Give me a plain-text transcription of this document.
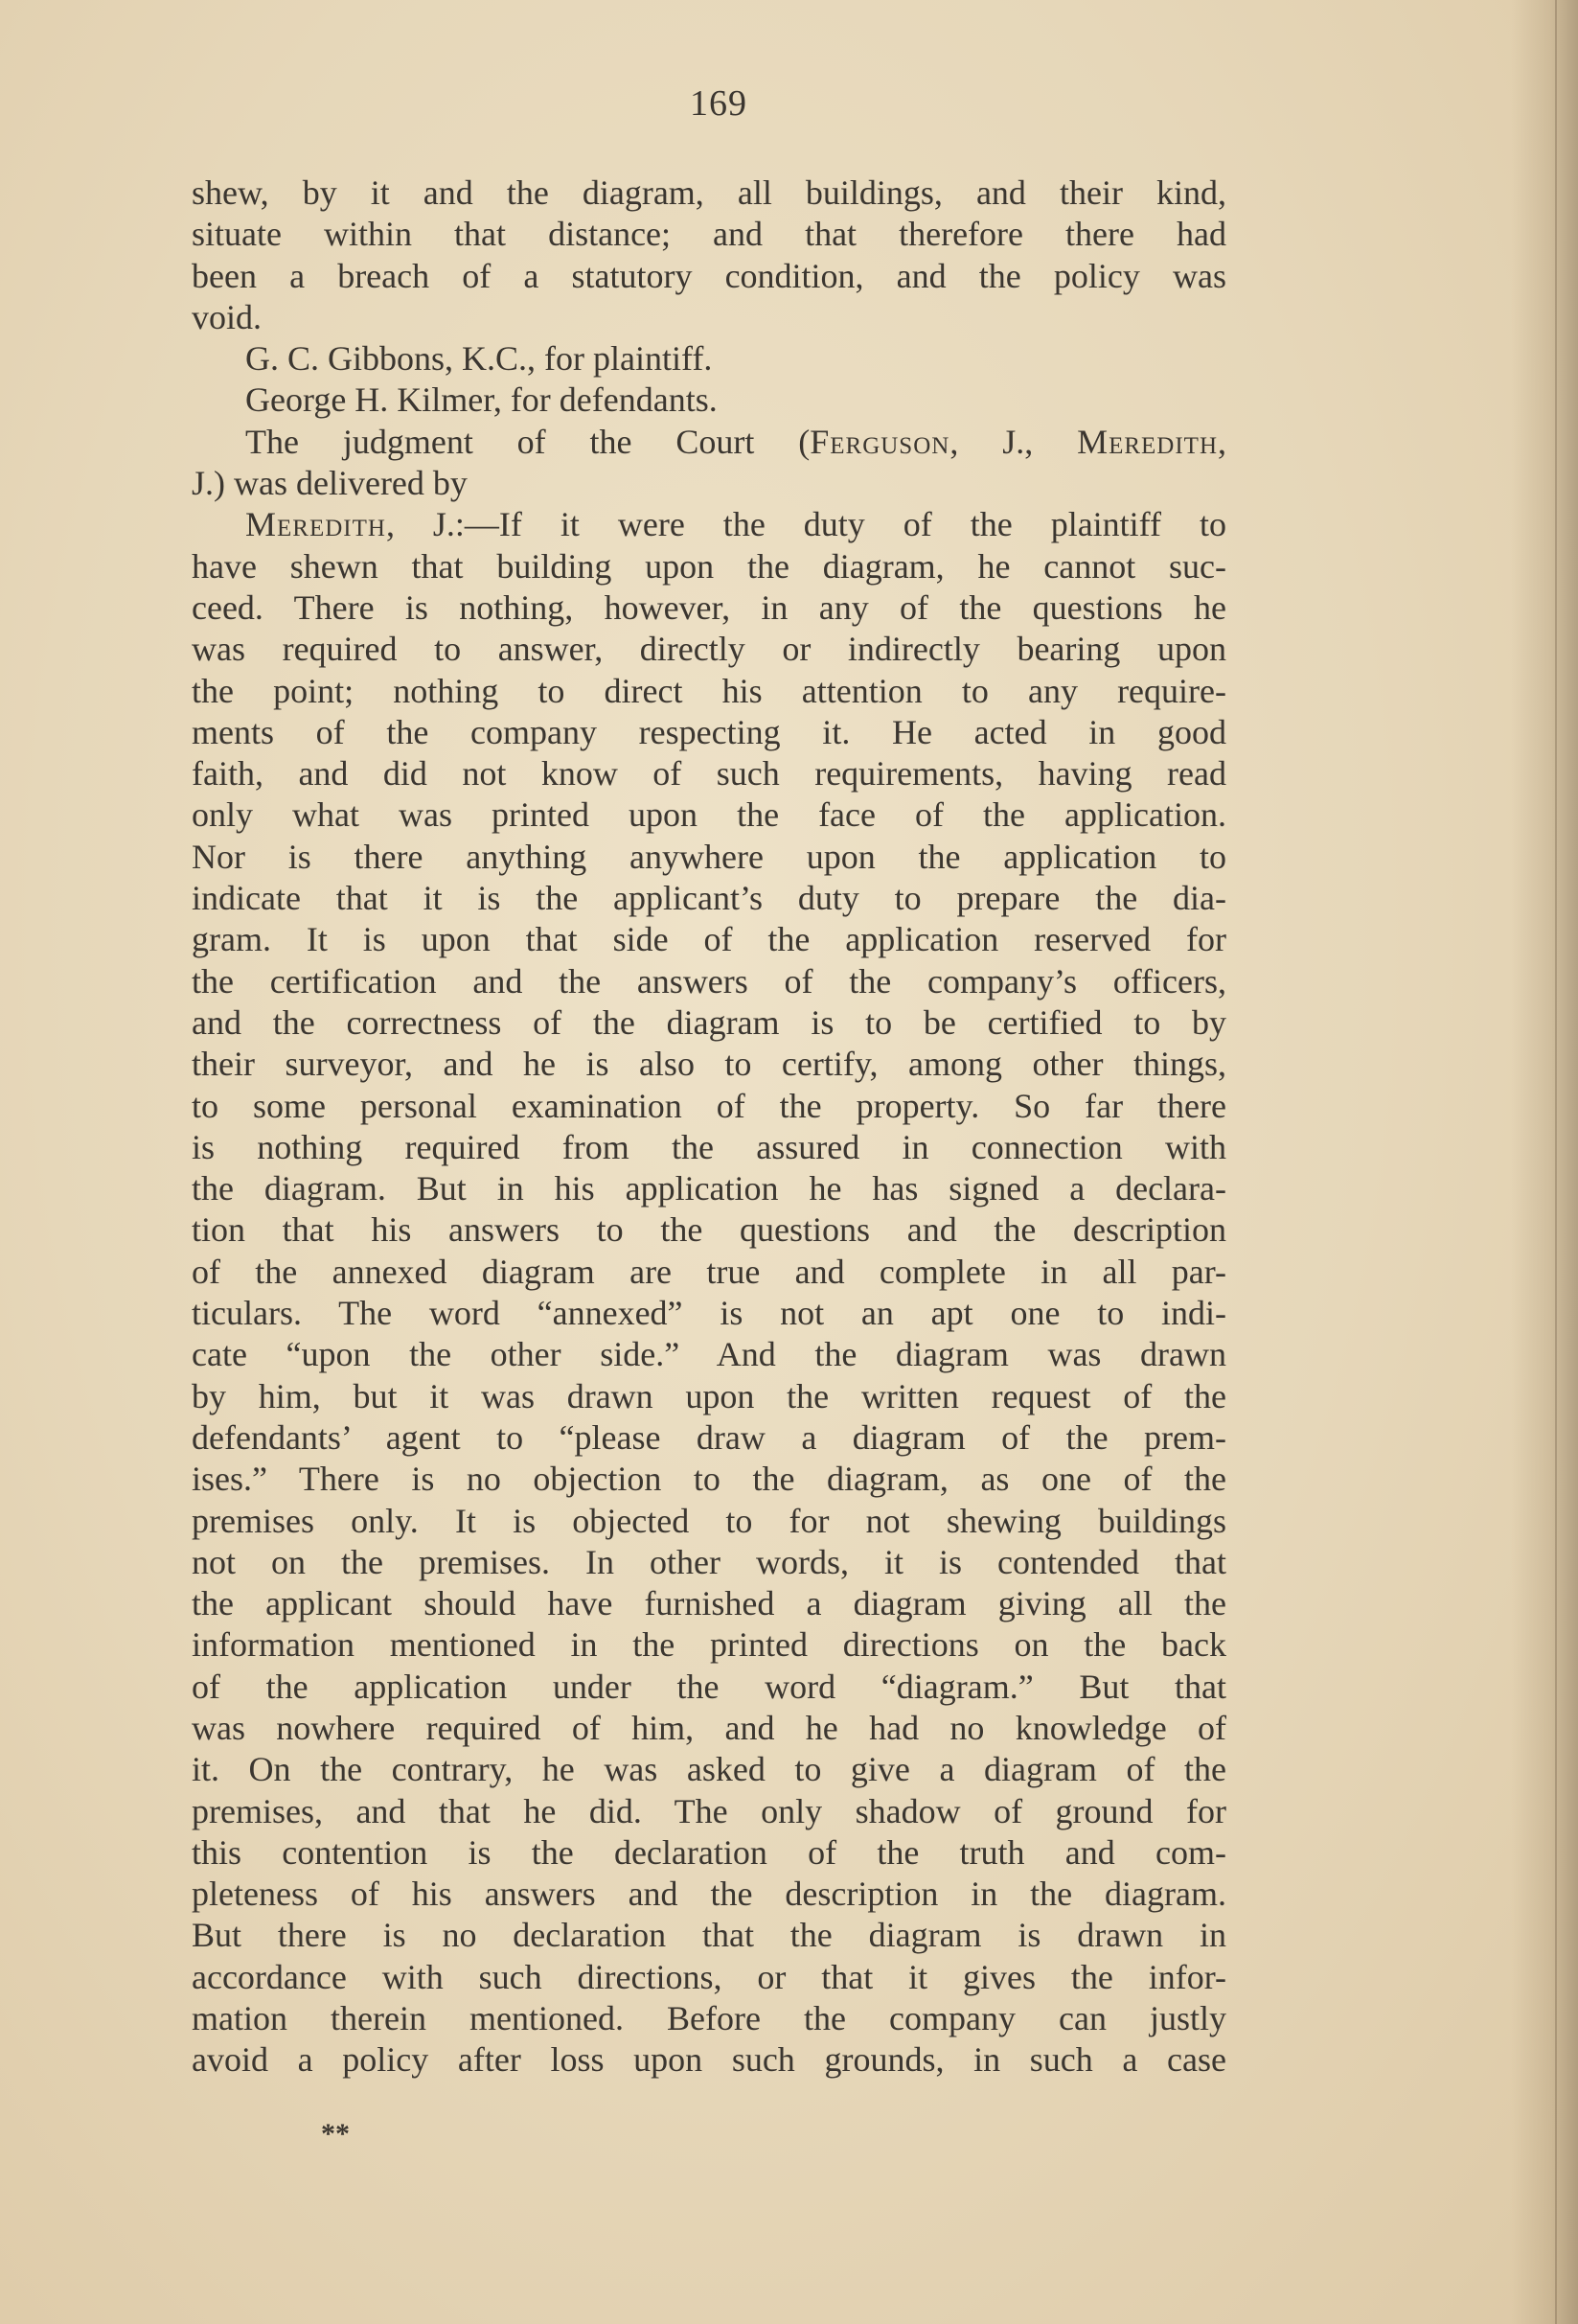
169
shew, by it and the diagram, all buildings, and their kind,
situate within that distance; and that therefore there had
been a breach of a statutory condition, and the policy was
void.
G. C. Gibbons, K.C., for plaintiff.
George H. Kilmer, for defendants.
The judgment of the Court (Ferguson, J., Meredith,
J.) was delivered by
Meredith, J.:—If it were the duty of the plaintiff to
have shewn that building upon the diagram, he cannot suc-
ceed. There is nothing, however, in any of the questions he
was required to answer, directly or indirectly bearing upon
the point; nothing to direct his attention to any require-
ments of the company respecting it. He acted in good
faith, and did not know of such requirements, having read
only what was printed upon the face of the application.
Nor is there anything anywhere upon the application to
indicate that it is the applicant’s duty to prepare the dia-
gram. It is upon that side of the application reserved for
the certification and the answers of the company’s officers,
and the correctness of the diagram is to be certified to by
their surveyor, and he is also to certify, among other things,
to some personal examination of the property. So far there
is nothing required from the assured in connection with
the diagram. But in his application he has signed a declara-
tion that his answers to the questions and the description
of the annexed diagram are true and complete in all par-
ticulars. The word “annexed” is not an apt one to indi-
cate “upon the other side.” And the diagram was drawn
by him, but it was drawn upon the written request of the
defendants’ agent to “please draw a diagram of the prem-
ises.” There is no objection to the diagram, as one of the
premises only. It is objected to for not shewing buildings
not on the premises. In other words, it is contended that
the applicant should have furnished a diagram giving all the
information mentioned in the printed directions on the back
of the application under the word “diagram.” But that
was nowhere required of him, and he had no knowledge of
it. On the contrary, he was asked to give a diagram of the
premises, and that he did. The only shadow of ground for
this contention is the declaration of the truth and com-
pleteness of his answers and the description in the diagram.
But there is no declaration that the diagram is drawn in
accordance with such directions, or that it gives the infor-
mation therein mentioned. Before the company can justly
avoid a policy after loss upon such grounds, in such a case
**
